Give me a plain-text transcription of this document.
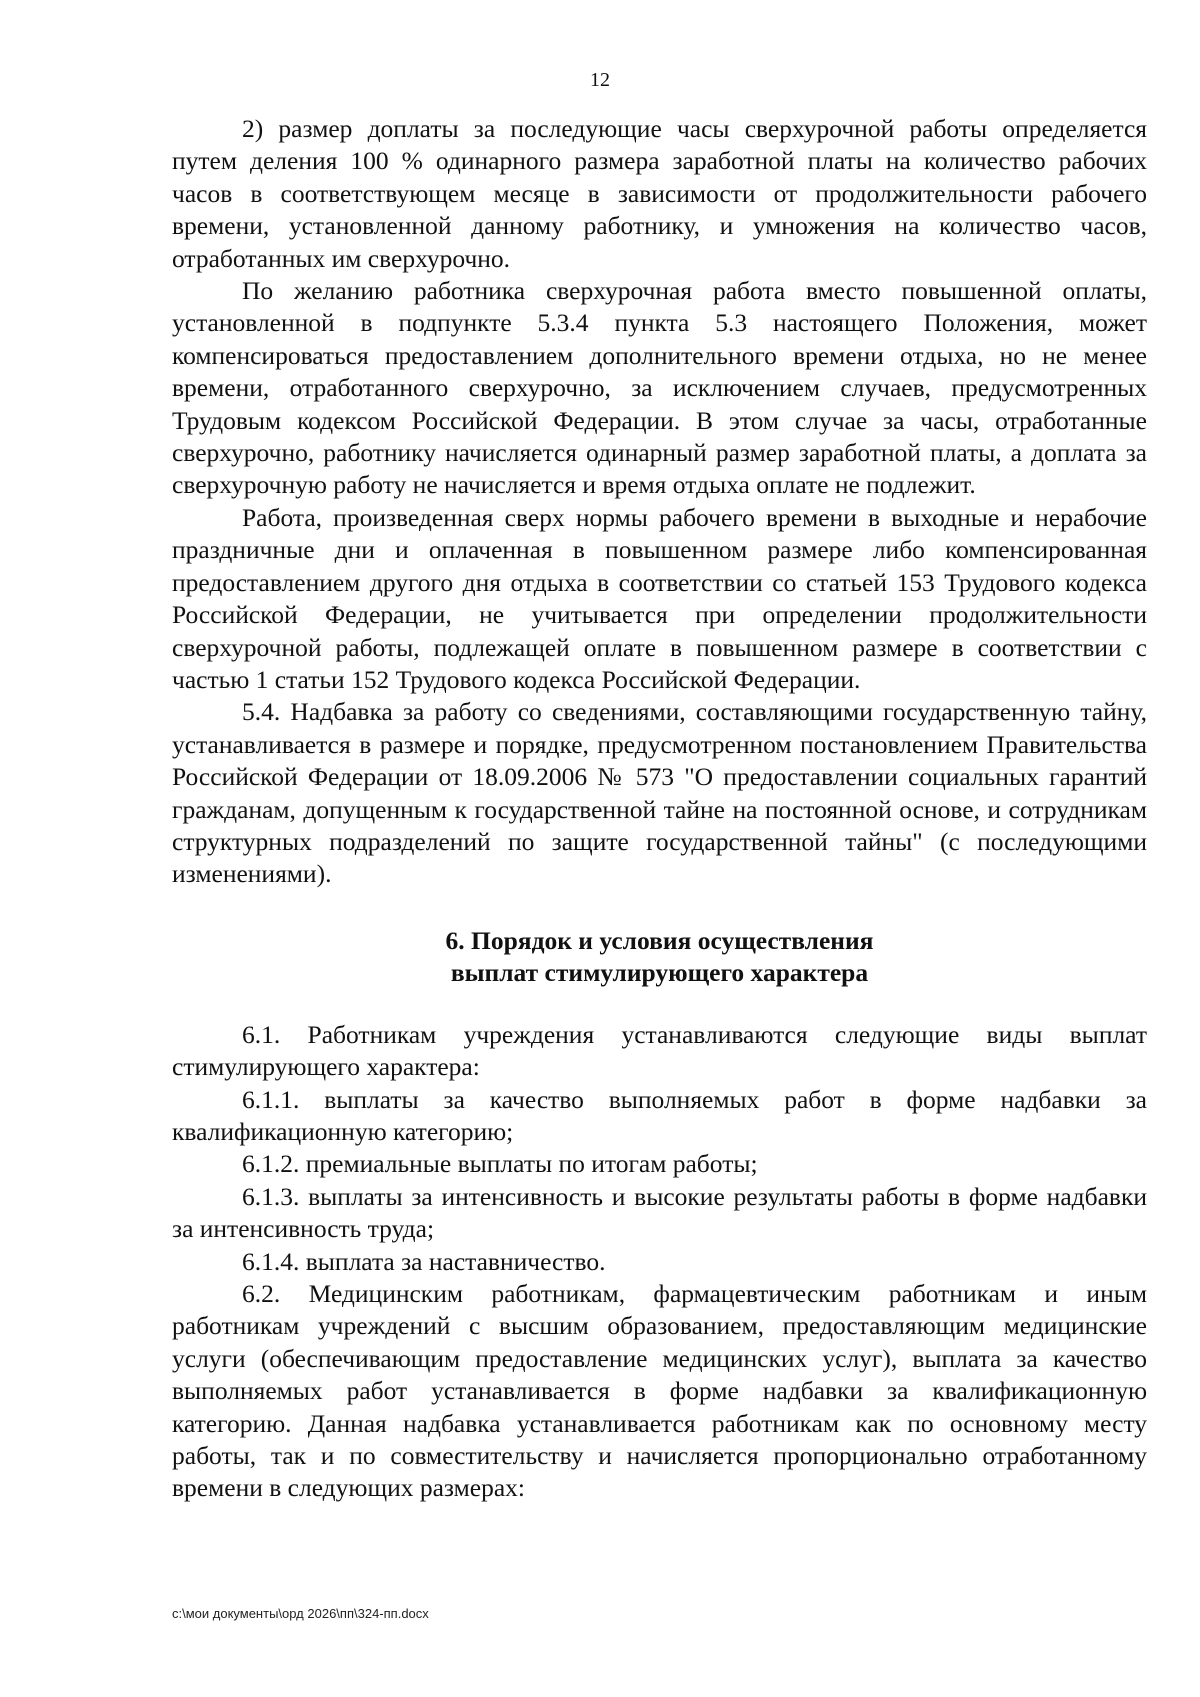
12

2) размер доплаты за последующие часы сверхурочной работы определяется путем деления 100 % одинарного размера заработной платы на количество рабочих часов в соответствующем месяце в зависимости от продолжительности рабочего времени, установленной данному работнику, и умножения на количество часов, отработанных им сверхурочно.

По желанию работника сверхурочная работа вместо повышенной оплаты, установленной в подпункте 5.3.4 пункта 5.3 настоящего Положения, может компенсироваться предоставлением дополнительного времени отдыха, но не менее времени, отработанного сверхурочно, за исключением случаев, предусмотренных Трудовым кодексом Российской Федерации. В этом случае за часы, отработанные сверхурочно, работнику начисляется одинарный размер заработной платы, а доплата за сверхурочную работу не начисляется и время отдыха оплате не подлежит.

Работа, произведенная сверх нормы рабочего времени в выходные и нерабочие праздничные дни и оплаченная в повышенном размере либо компенсированная предоставлением другого дня отдыха в соответствии со статьей 153 Трудового кодекса Российской Федерации, не учитывается при определении продолжительности сверхурочной работы, подлежащей оплате в повышенном размере в соответствии с частью 1 статьи 152 Трудового кодекса Российской Федерации.

5.4. Надбавка за работу со сведениями, составляющими государственную тайну, устанавливается в размере и порядке, предусмотренном постановлением Правительства Российской Федерации от 18.09.2006 № 573 "О предоставлении социальных гарантий гражданам, допущенным к государственной тайне на постоянной основе, и сотрудникам структурных подразделений по защите государственной тайны" (с последующими изменениями).

6. Порядок и условия осуществления
выплат стимулирующего характера

6.1. Работникам учреждения устанавливаются следующие виды выплат стимулирующего характера:

6.1.1. выплаты за качество выполняемых работ в форме надбавки за квалификационную категорию;

6.1.2. премиальные выплаты по итогам работы;

6.1.3. выплаты за интенсивность и высокие результаты работы в форме надбавки за интенсивность труда;

6.1.4. выплата за наставничество.

6.2. Медицинским работникам, фармацевтическим работникам и иным работникам учреждений с высшим образованием, предоставляющим медицинские услуги (обеспечивающим предоставление медицинских услуг), выплата за качество выполняемых работ устанавливается в форме надбавки за квалификационную категорию. Данная надбавка устанавливается работникам как по основному месту работы, так и по совместительству и начисляется пропорционально отработанному времени в следующих размерах:

c:\мои документы\орд 2026\пп\324-пп.docx
